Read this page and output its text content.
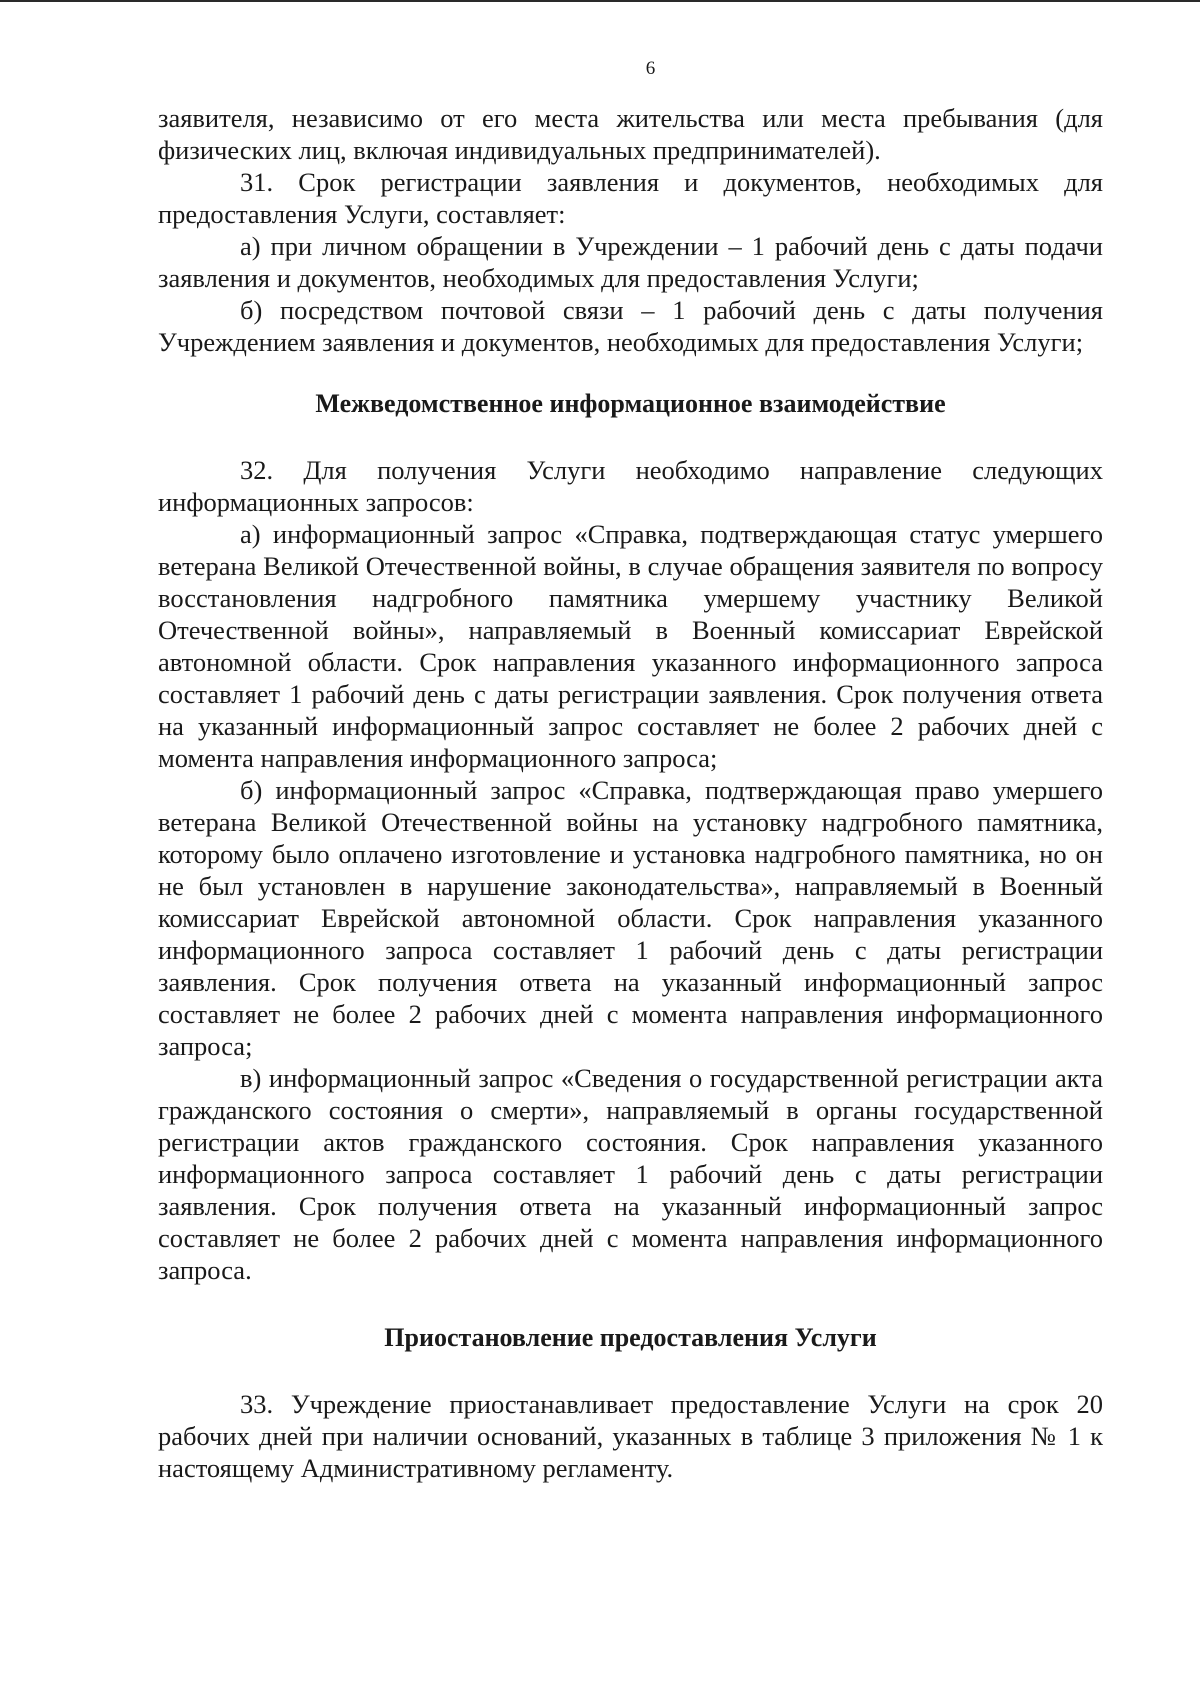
6

заявителя, независимо от его места жительства или места пребывания (для физических лиц, включая индивидуальных предпринимателей).

31. Срок регистрации заявления и документов, необходимых для предоставления Услуги, составляет:

а) при личном обращении в Учреждении – 1 рабочий день с даты подачи заявления и документов, необходимых для предоставления Услуги;

б) посредством почтовой связи – 1 рабочий день с даты получения Учреждением заявления и документов, необходимых для предоставления Услуги;

Межведомственное информационное взаимодействие

32. Для получения Услуги необходимо направление следующих информационных запросов:

а) информационный запрос «Справка, подтверждающая статус умершего ветерана Великой Отечественной войны, в случае обращения заявителя по вопросу восстановления надгробного памятника умершему участнику Великой Отечественной войны», направляемый в Военный комиссариат Еврейской автономной области. Срок направления указанного информационного запроса составляет 1 рабочий день с даты регистрации заявления. Срок получения ответа на указанный информационный запрос составляет не более 2 рабочих дней с момента направления информационного запроса;

б) информационный запрос «Справка, подтверждающая право умершего ветерана Великой Отечественной войны на установку надгробного памятника, которому было оплачено изготовление и установка надгробного памятника, но он не был установлен в нарушение законодательства», направляемый в Военный комиссариат Еврейской автономной области. Срок направления указанного информационного запроса составляет 1 рабочий день с даты регистрации заявления. Срок получения ответа на указанный информационный запрос составляет не более 2 рабочих дней с момента направления информационного запроса;

в) информационный запрос «Сведения о государственной регистрации акта гражданского состояния о смерти», направляемый в органы государственной регистрации актов гражданского состояния. Срок направления указанного информационного запроса составляет 1 рабочий день с даты регистрации заявления. Срок получения ответа на указанный информационный запрос составляет не более 2 рабочих дней с момента направления информационного запроса.

Приостановление предоставления Услуги

33. Учреждение приостанавливает предоставление Услуги на срок 20 рабочих дней при наличии оснований, указанных в таблице 3 приложения № 1 к настоящему Административному регламенту.
